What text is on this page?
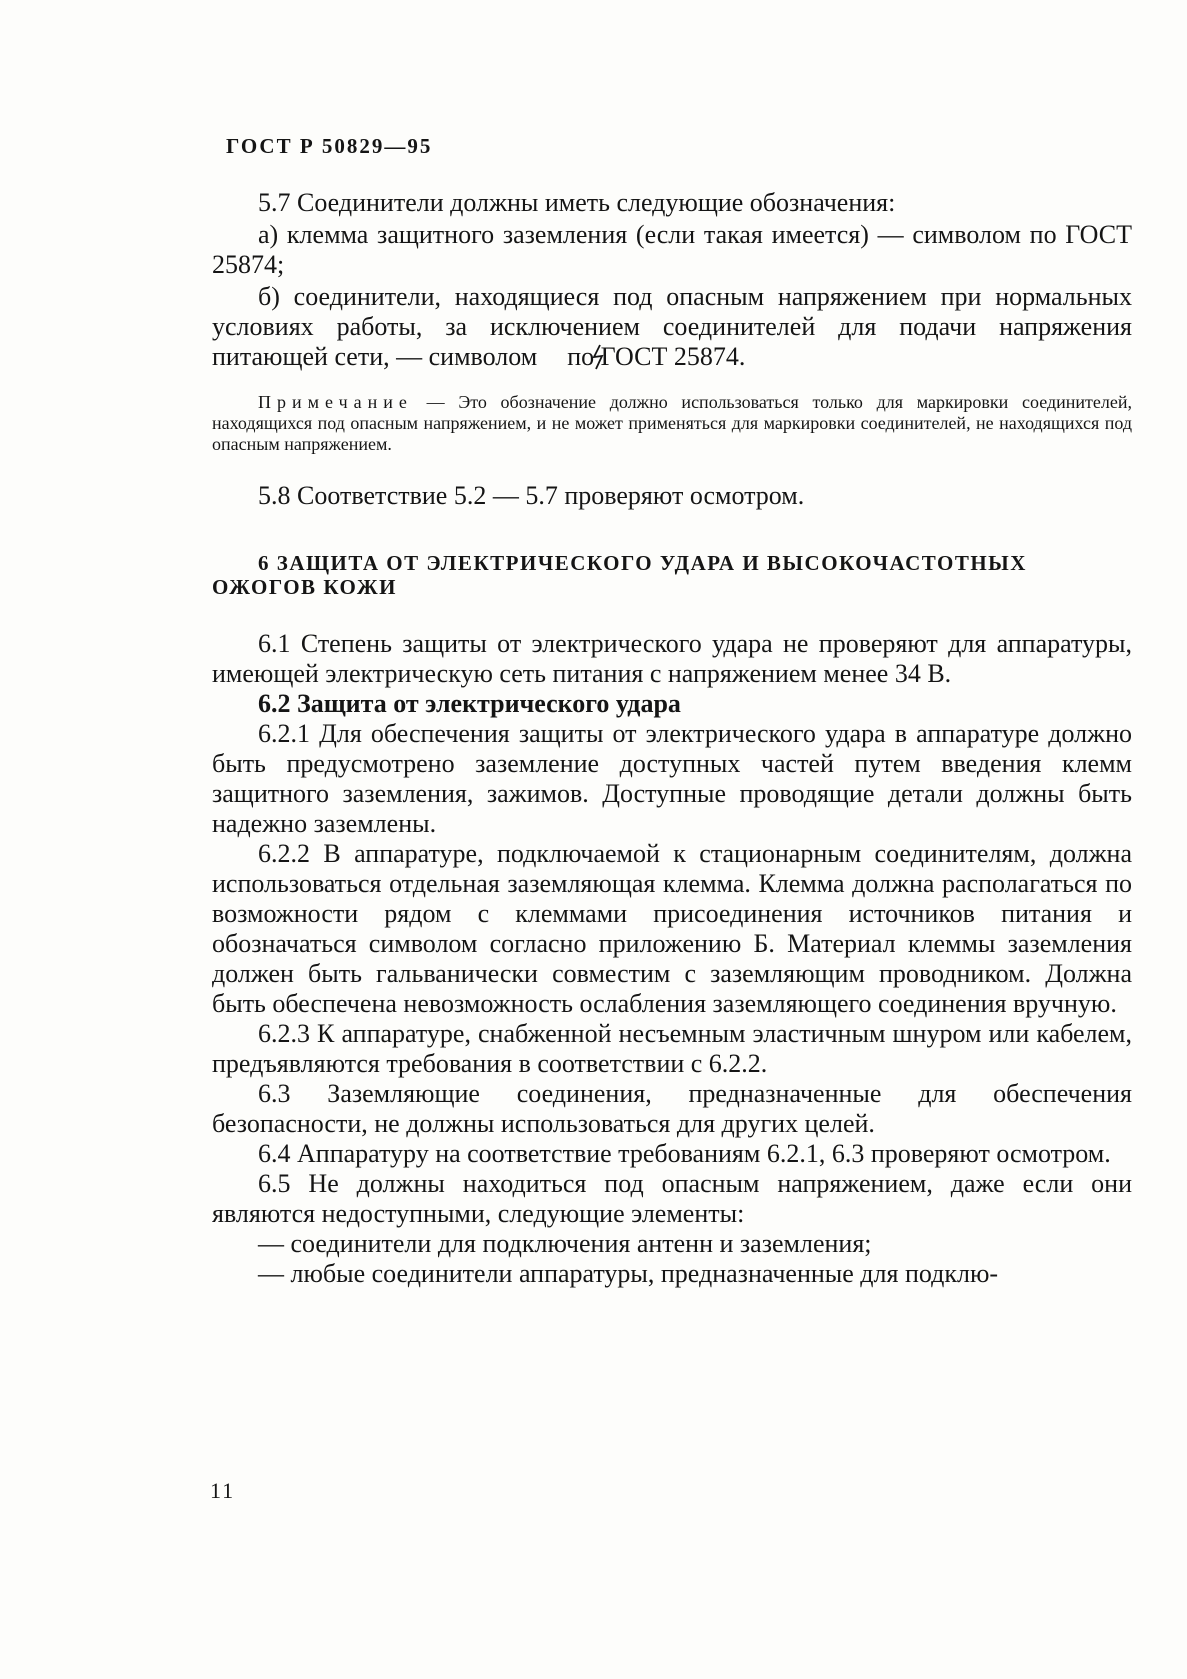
ГОСТ Р 50829—95

5.7 Соединители должны иметь следующие обозначения:

а) клемма защитного заземления (если такая имеется) — символом по ГОСТ 25874;

б) соединители, находящиеся под опасным напряжением при нормальных условиях работы, за исключением соединителей для подачи напряжения питающей сети, — символом по ГОСТ 25874.

Примечание — Это обозначение должно использоваться только для маркировки соединителей, находящихся под опасным напряжением, и не может применяться для маркировки соединителей, не находящихся под опасным напряжением.

5.8 Соответствие 5.2 — 5.7 проверяют осмотром.

6 ЗАЩИТА ОТ ЭЛЕКТРИЧЕСКОГО УДАРА И ВЫСОКОЧАСТОТНЫХ ОЖОГОВ КОЖИ

6.1 Степень защиты от электрического удара не проверяют для аппаратуры, имеющей электрическую сеть питания с напряжением менее 34 В.

6.2 Защита от электрического удара

6.2.1 Для обеспечения защиты от электрического удара в аппаратуре должно быть предусмотрено заземление доступных частей путем введения клемм защитного заземления, зажимов. Доступные проводящие детали должны быть надежно заземлены.

6.2.2 В аппаратуре, подключаемой к стационарным соединителям, должна использоваться отдельная заземляющая клемма. Клемма должна располагаться по возможности рядом с клеммами присоединения источников питания и обозначаться символом согласно приложению Б. Материал клеммы заземления должен быть гальванически совместим с заземляющим проводником. Должна быть обеспечена невозможность ослабления заземляющего соединения вручную.

6.2.3 К аппаратуре, снабженной несъемным эластичным шнуром или кабелем, предъявляются требования в соответствии с 6.2.2.

6.3 Заземляющие соединения, предназначенные для обеспечения безопасности, не должны использоваться для других целей.

6.4 Аппаратуру на соответствие требованиям 6.2.1, 6.3 проверяют осмотром.

6.5 Не должны находиться под опасным напряжением, даже если они являются недоступными, следующие элементы:

— соединители для подключения антенн и заземления;

— любые соединители аппаратуры, предназначенные для подклю-

11
